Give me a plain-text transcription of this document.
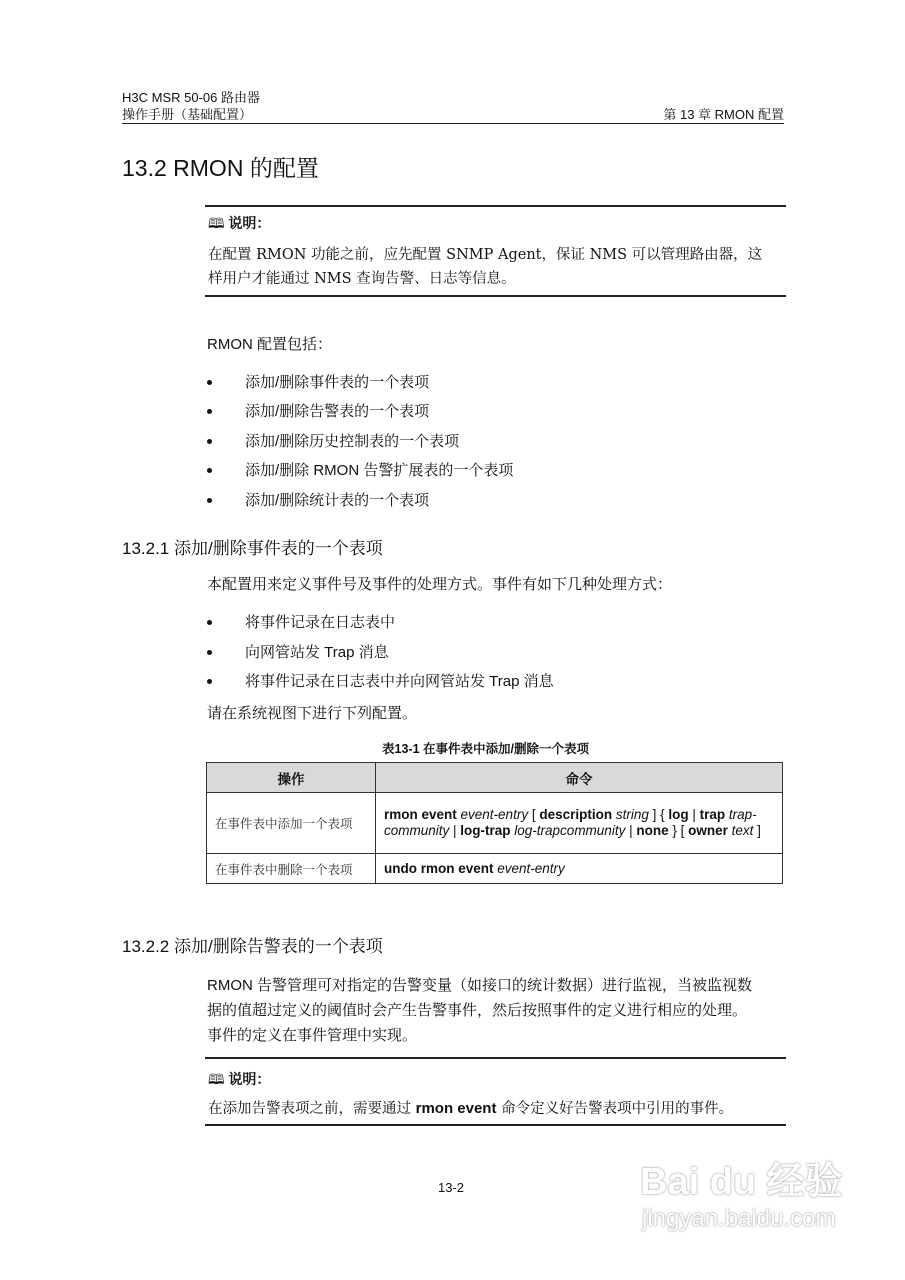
H3C MSR 50-06 路由器
操作手册（基础配置）	第 13 章 RMON 配置
13.2 RMON 的配置
🕮 说明：
在配置 RMON 功能之前，应先配置 SNMP Agent，保证 NMS 可以管理路由器，这
样用户才能通过 NMS 查询告警、日志等信息。
RMON 配置包括：
添加/删除事件表的一个表项
添加/删除告警表的一个表项
添加/删除历史控制表的一个表项
添加/删除 RMON 告警扩展表的一个表项
添加/删除统计表的一个表项
13.2.1 添加/删除事件表的一个表项
本配置用来定义事件号及事件的处理方式。事件有如下几种处理方式：
将事件记录在日志表中
向网管站发 Trap 消息
将事件记录在日志表中并向网管站发 Trap 消息
请在系统视图下进行下列配置。
表13-1 在事件表中添加/删除一个表项
操作	命令
在事件表中添加一个表项	rmon event event-entry [ description string ] { log | trap trap-community | log-trap log-trapcommunity | none } [ owner text ]
在事件表中删除一个表项	undo rmon event event-entry
13.2.2 添加/删除告警表的一个表项
RMON 告警管理可对指定的告警变量（如接口的统计数据）进行监视，当被监视数
据的值超过定义的阈值时会产生告警事件，然后按照事件的定义进行相应的处理。
事件的定义在事件管理中实现。
🕮 说明：
在添加告警表项之前，需要通过 rmon event 命令定义好告警表项中引用的事件。
13-2	Bai du 经验
jingyan.baidu.com
